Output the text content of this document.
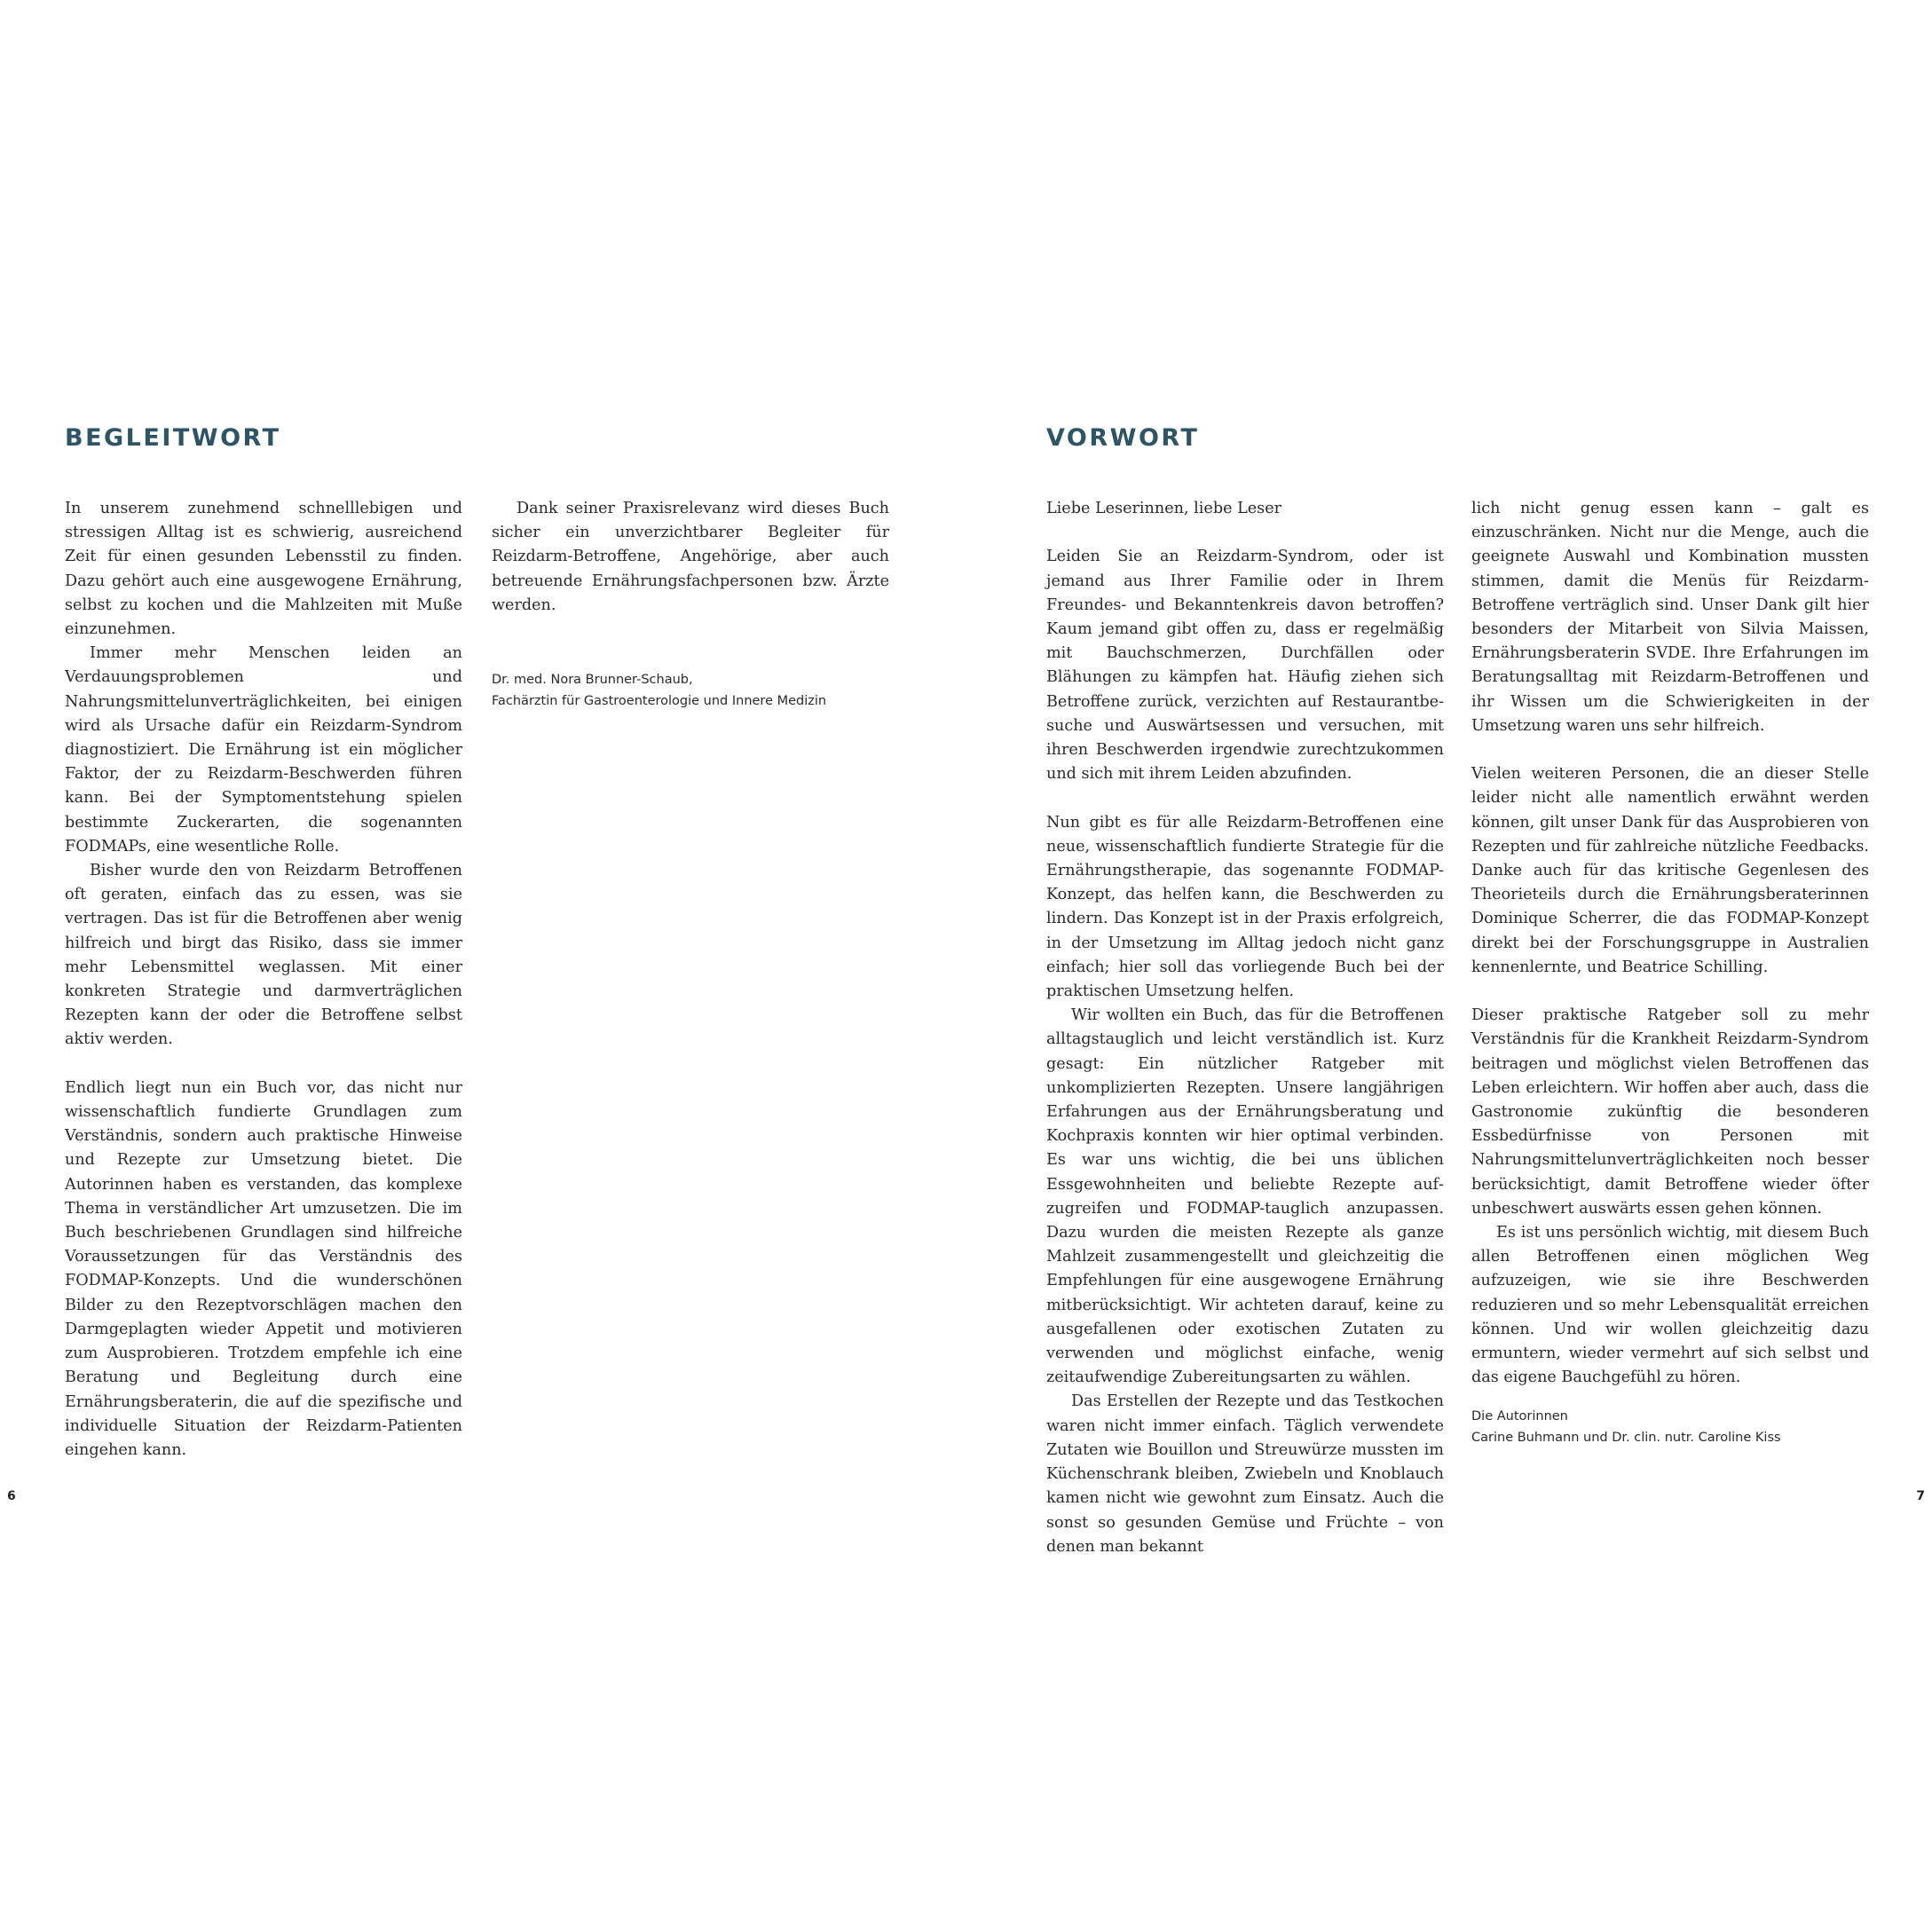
BEGLEITWORT

In unserem zunehmend schnelllebigen und stressigen Alltag ist es schwierig, ausreichend Zeit für einen gesunden Lebensstil zu finden. Dazu gehört auch eine ausgewogene Ernährung, selbst zu kochen und die Mahlzeiten mit Muße einzunehmen.

Immer mehr Menschen leiden an Verdauungsproblemen und Nahrungsmittelunverträglichkeiten, bei einigen wird als Ursache dafür ein Reizdarm-Syndrom diagnostiziert. Die Ernährung ist ein möglicher Faktor, der zu Reizdarm-Beschwerden führen kann. Bei der Symptomentstehung spielen bestimmte Zuckerarten, die sogenannten FODMAPs, eine wesentliche Rolle.

Bisher wurde den von Reizdarm Betroffenen oft geraten, einfach das zu essen, was sie vertragen. Das ist für die Betroffenen aber wenig hilfreich und birgt das Risiko, dass sie immer mehr Lebensmittel weglassen. Mit einer konkreten Strategie und darmverträglichen Rezepten kann der oder die Betroffene selbst aktiv werden.

Endlich liegt nun ein Buch vor, das nicht nur wissenschaftlich fundierte Grundlagen zum Verständnis, sondern auch praktische Hinweise und Rezepte zur Umsetzung bietet. Die Autorinnen haben es verstanden, das komplexe Thema in verständlicher Art umzusetzen. Die im Buch beschriebenen Grundlagen sind hilfreiche Voraussetzungen für das Verständnis des FODMAP-Konzepts. Und die wunderschönen Bilder zu den Rezeptvorschlägen machen den Darmgeplagten wieder Appetit und motivieren zum Ausprobieren. Trotzdem empfehle ich eine Beratung und Begleitung durch eine Ernährungsberaterin, die auf die spezifische und individuelle Situation der Reizdarm-Patienten eingehen kann.

Dank seiner Praxisrelevanz wird dieses Buch sicher ein unverzichtbarer Begleiter für Reizdarm-Betroffene, Angehörige, aber auch betreuende Ernährungsfachpersonen bzw. Ärzte werden.

Dr. med. Nora Brunner-Schaub,
Fachärztin für Gastroenterologie und Innere Medizin

6
VORWORT

Liebe Leserinnen, liebe Leser

Leiden Sie an Reizdarm-Syndrom, oder ist jemand aus Ihrer Familie oder in Ihrem Freundes- und Bekanntenkreis davon betroffen? Kaum jemand gibt offen zu, dass er regelmäßig mit Bauchschmerzen, Durchfällen oder Blähungen zu kämpfen hat. Häufig ziehen sich Betroffene zurück, verzichten auf Restaurantbesuche und Auswärtsessen und versuchen, mit ihren Beschwerden irgendwie zurechtzukommen und sich mit ihrem Leiden abzufinden.

Nun gibt es für alle Reizdarm-Betroffenen eine neue, wissenschaftlich fundierte Strategie für die Ernährungstherapie, das sogenannte FODMAP-Konzept, das helfen kann, die Beschwerden zu lindern. Das Konzept ist in der Praxis erfolgreich, in der Umsetzung im Alltag jedoch nicht ganz einfach; hier soll das vorliegende Buch bei der praktischen Umsetzung helfen.

Wir wollten ein Buch, das für die Betroffenen alltagstauglich und leicht verständlich ist. Kurz gesagt: Ein nützlicher Ratgeber mit unkomplizierten Rezepten. Unsere langjährigen Erfahrungen aus der Ernährungsberatung und Kochpraxis konnten wir hier optimal verbinden. Es war uns wichtig, die bei uns üblichen Essgewohnheiten und beliebte Rezepte aufzugreifen und FODMAP-tauglich anzupassen. Dazu wurden die meisten Rezepte als ganze Mahlzeit zusammengestellt und gleichzeitig die Empfehlungen für eine ausgewogene Ernährung mitberücksichtigt. Wir achteten darauf, keine zu ausgefallenen oder exotischen Zutaten zu verwenden und möglichst einfache, wenig zeitaufwendige Zubereitungsarten zu wählen.

Das Erstellen der Rezepte und das Testkochen waren nicht immer einfach. Täglich verwendete Zutaten wie Bouillon und Streuwürze mussten im Küchenschrank bleiben, Zwiebeln und Knoblauch kamen nicht wie gewohnt zum Einsatz. Auch die sonst so gesunden Gemüse und Früchte – von denen man bekannt

lich nicht genug essen kann – galt es einzuschränken. Nicht nur die Menge, auch die geeignete Auswahl und Kombination mussten stimmen, damit die Menüs für Reizdarm-Betroffene verträglich sind. Unser Dank gilt hier besonders der Mitarbeit von Silvia Maissen, Ernährungsberaterin SVDE. Ihre Erfahrungen im Beratungsalltag mit Reizdarm-Betroffenen und ihr Wissen um die Schwierigkeiten in der Umsetzung waren uns sehr hilfreich.

Vielen weiteren Personen, die an dieser Stelle leider nicht alle namentlich erwähnt werden können, gilt unser Dank für das Ausprobieren von Rezepten und für zahlreiche nützliche Feedbacks. Danke auch für das kritische Gegenlesen des Theorieteils durch die Ernährungsberaterinnen Dominique Scherrer, die das FODMAP-Konzept direkt bei der Forschungsgruppe in Australien kennenlernte, und Beatrice Schilling.

Dieser praktische Ratgeber soll zu mehr Verständnis für die Krankheit Reizdarm-Syndrom beitragen und möglichst vielen Betroffenen das Leben erleichtern. Wir hoffen aber auch, dass die Gastronomie zukünftig die besonderen Essbedürfnisse von Personen mit Nahrungsmittelunverträglichkeiten noch besser berücksichtigt, damit Betroffene wieder öfter unbeschwert auswärts essen gehen können.

Es ist uns persönlich wichtig, mit diesem Buch allen Betroffenen einen möglichen Weg aufzuzeigen, wie sie ihre Beschwerden reduzieren und so mehr Lebensqualität erreichen können. Und wir wollen gleichzeitig dazu ermuntern, wieder vermehrt auf sich selbst und das eigene Bauchgefühl zu hören.

Die Autorinnen
Carine Buhmann und Dr. clin. nutr. Caroline Kiss

7
